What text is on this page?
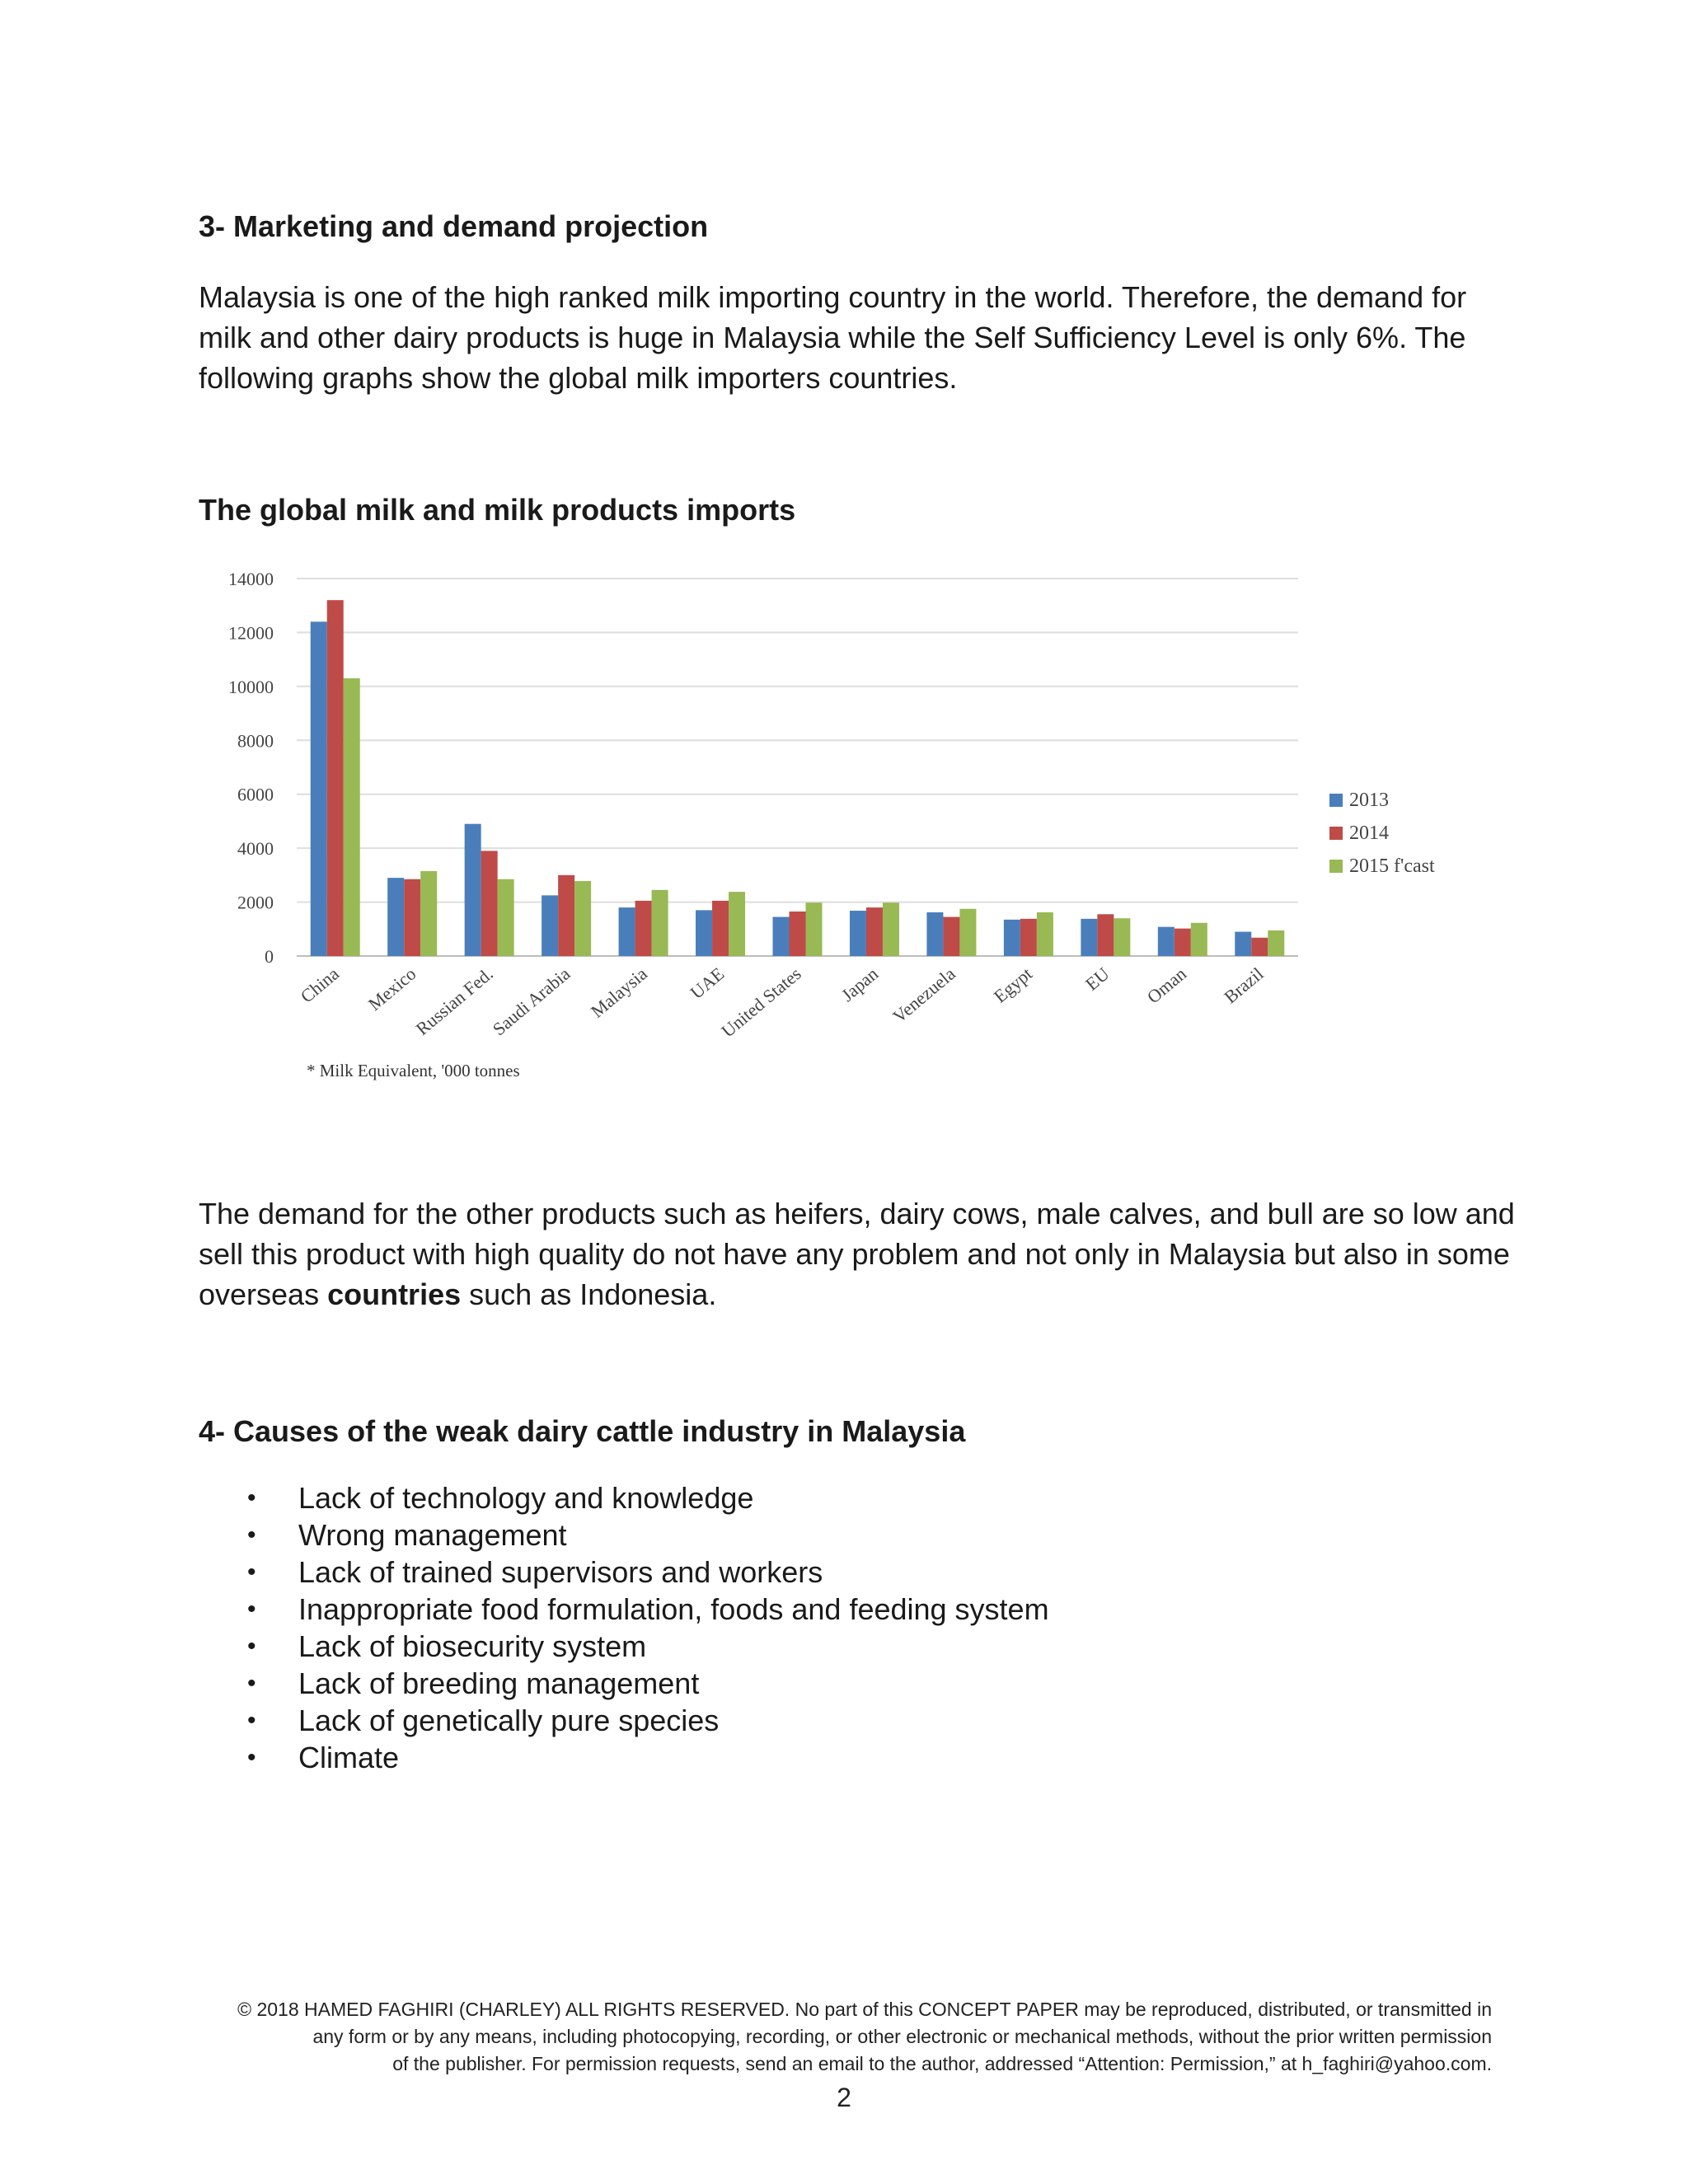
3- Marketing and demand projection

Malaysia is one of the high ranked milk importing country in the world. Therefore, the demand for milk and other dairy products is huge in Malaysia while the Self Sufficiency Level is only 6%. The following graphs show the global milk importers countries.

The global milk and milk products imports
0
2000
4000
6000
8000
10000
12000
14000
China Mexico
Russian Fed.
Saudi Arabia Malaysia UAE
United States Japan Venezuela Egypt EU Oman Brazil
2013
2014
2015 f'cast
* Milk Equivalent, '000 tonnes

The demand for the other products such as heifers, dairy cows, male calves, and bull are so low and sell this product with high quality do not have any problem and not only in Malaysia but also in some overseas countries such as Indonesia.

4- Causes of the weak dairy cattle industry in Malaysia
• Lack of technology and knowledge
• Wrong management
• Lack of trained supervisors and workers
• Inappropriate food formulation, foods and feeding system
• Lack of biosecurity system
• Lack of breeding management
• Lack of genetically pure species
• Climate
© 2018 HAMED FAGHIRI (CHARLEY) ALL RIGHTS RESERVED. No part of this CONCEPT PAPER may be reproduced, distributed, or transmitted in
any form or by any means, including photocopying, recording, or other electronic or mechanical methods, without the prior written permission
of the publisher. For permission requests, send an email to the author, addressed “Attention: Permission,” at h_faghiri@yahoo.com.
2
